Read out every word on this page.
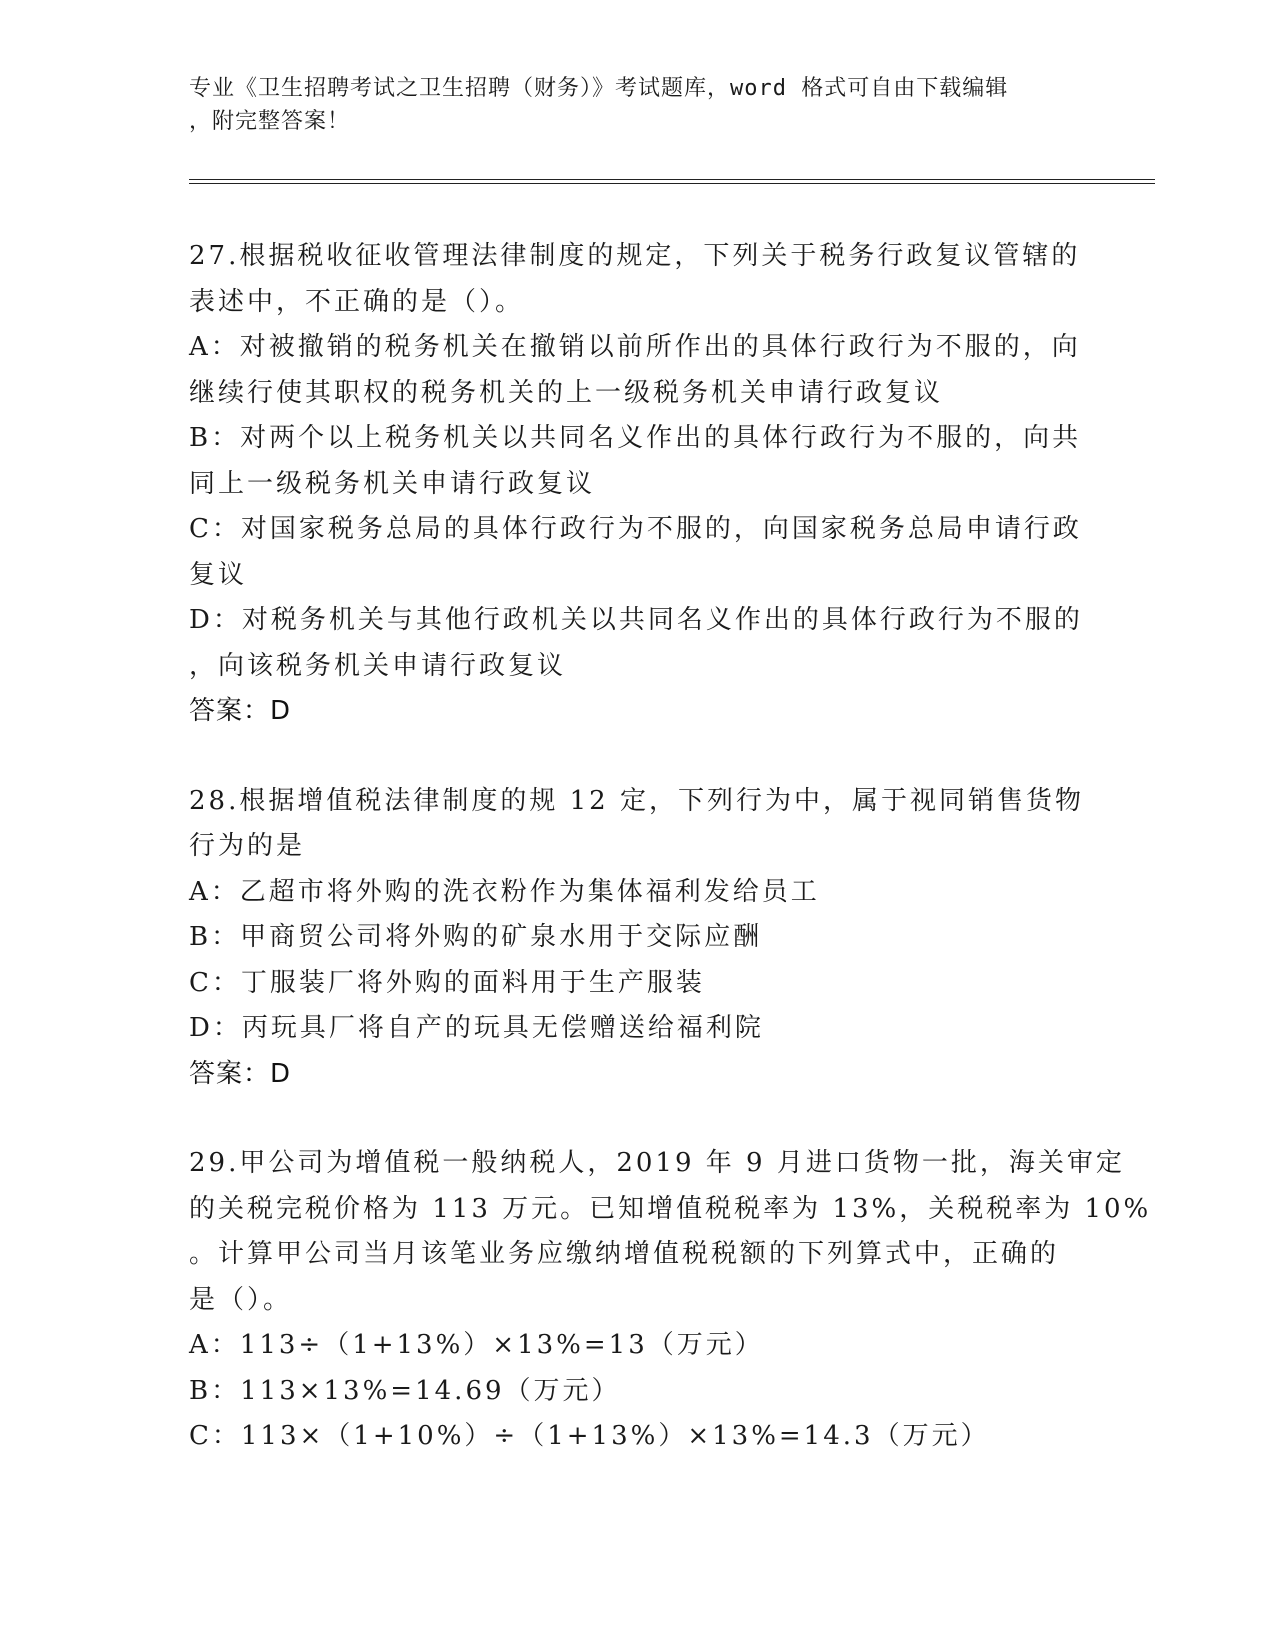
专业《卫生招聘考试之卫生招聘（财务）》考试题库，word 格式可自由下载编辑
，附完整答案！
27.根据税收征收管理法律制度的规定，下列关于税务行政复议管辖的
表述中，不正确的是（）。
A：对被撤销的税务机关在撤销以前所作出的具体行政行为不服的，向
继续行使其职权的税务机关的上一级税务机关申请行政复议
B：对两个以上税务机关以共同名义作出的具体行政行为不服的，向共
同上一级税务机关申请行政复议
C：对国家税务总局的具体行政行为不服的，向国家税务总局申请行政
复议
D：对税务机关与其他行政机关以共同名义作出的具体行政行为不服的
，向该税务机关申请行政复议
答案：D
28.根据增值税法律制度的规 12 定，下列行为中，属于视同销售货物
行为的是
A：乙超市将外购的洗衣粉作为集体福利发给员工
B：甲商贸公司将外购的矿泉水用于交际应酬
C：丁服装厂将外购的面料用于生产服装
D：丙玩具厂将自产的玩具无偿赠送给福利院
答案：D
29.甲公司为增值税一般纳税人，2019 年 9 月进口货物一批，海关审定
的关税完税价格为 113 万元。已知增值税税率为 13%，关税税率为 10%
。计算甲公司当月该笔业务应缴纳增值税税额的下列算式中，正确的
是（）。
A：113÷（1+13%）×13%=13（万元）
B：113×13%=14.69（万元）
C：113×（1+10%）÷（1+13%）×13%=14.3（万元）
